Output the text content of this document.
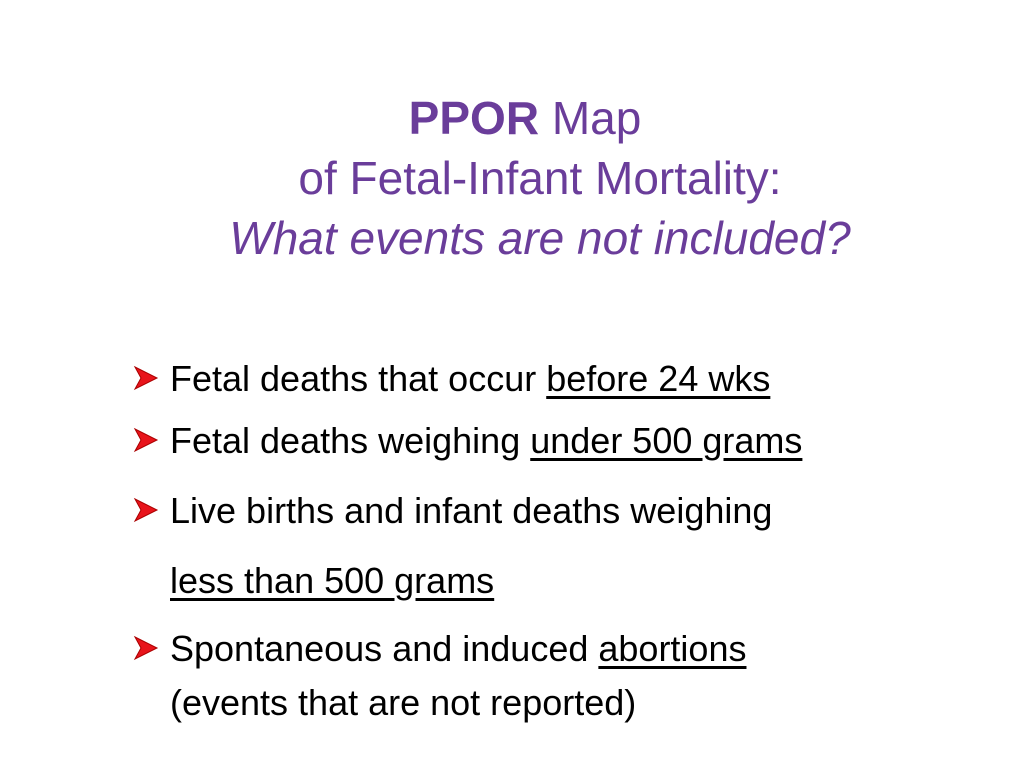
PPOR Map
of Fetal-Infant Mortality:
What events are not included?
Fetal deaths that occur before 24 wks
Fetal deaths weighing under 500 grams
Live births and infant deaths weighing
less than 500 grams
Spontaneous and induced abortions
(events that are not reported)
